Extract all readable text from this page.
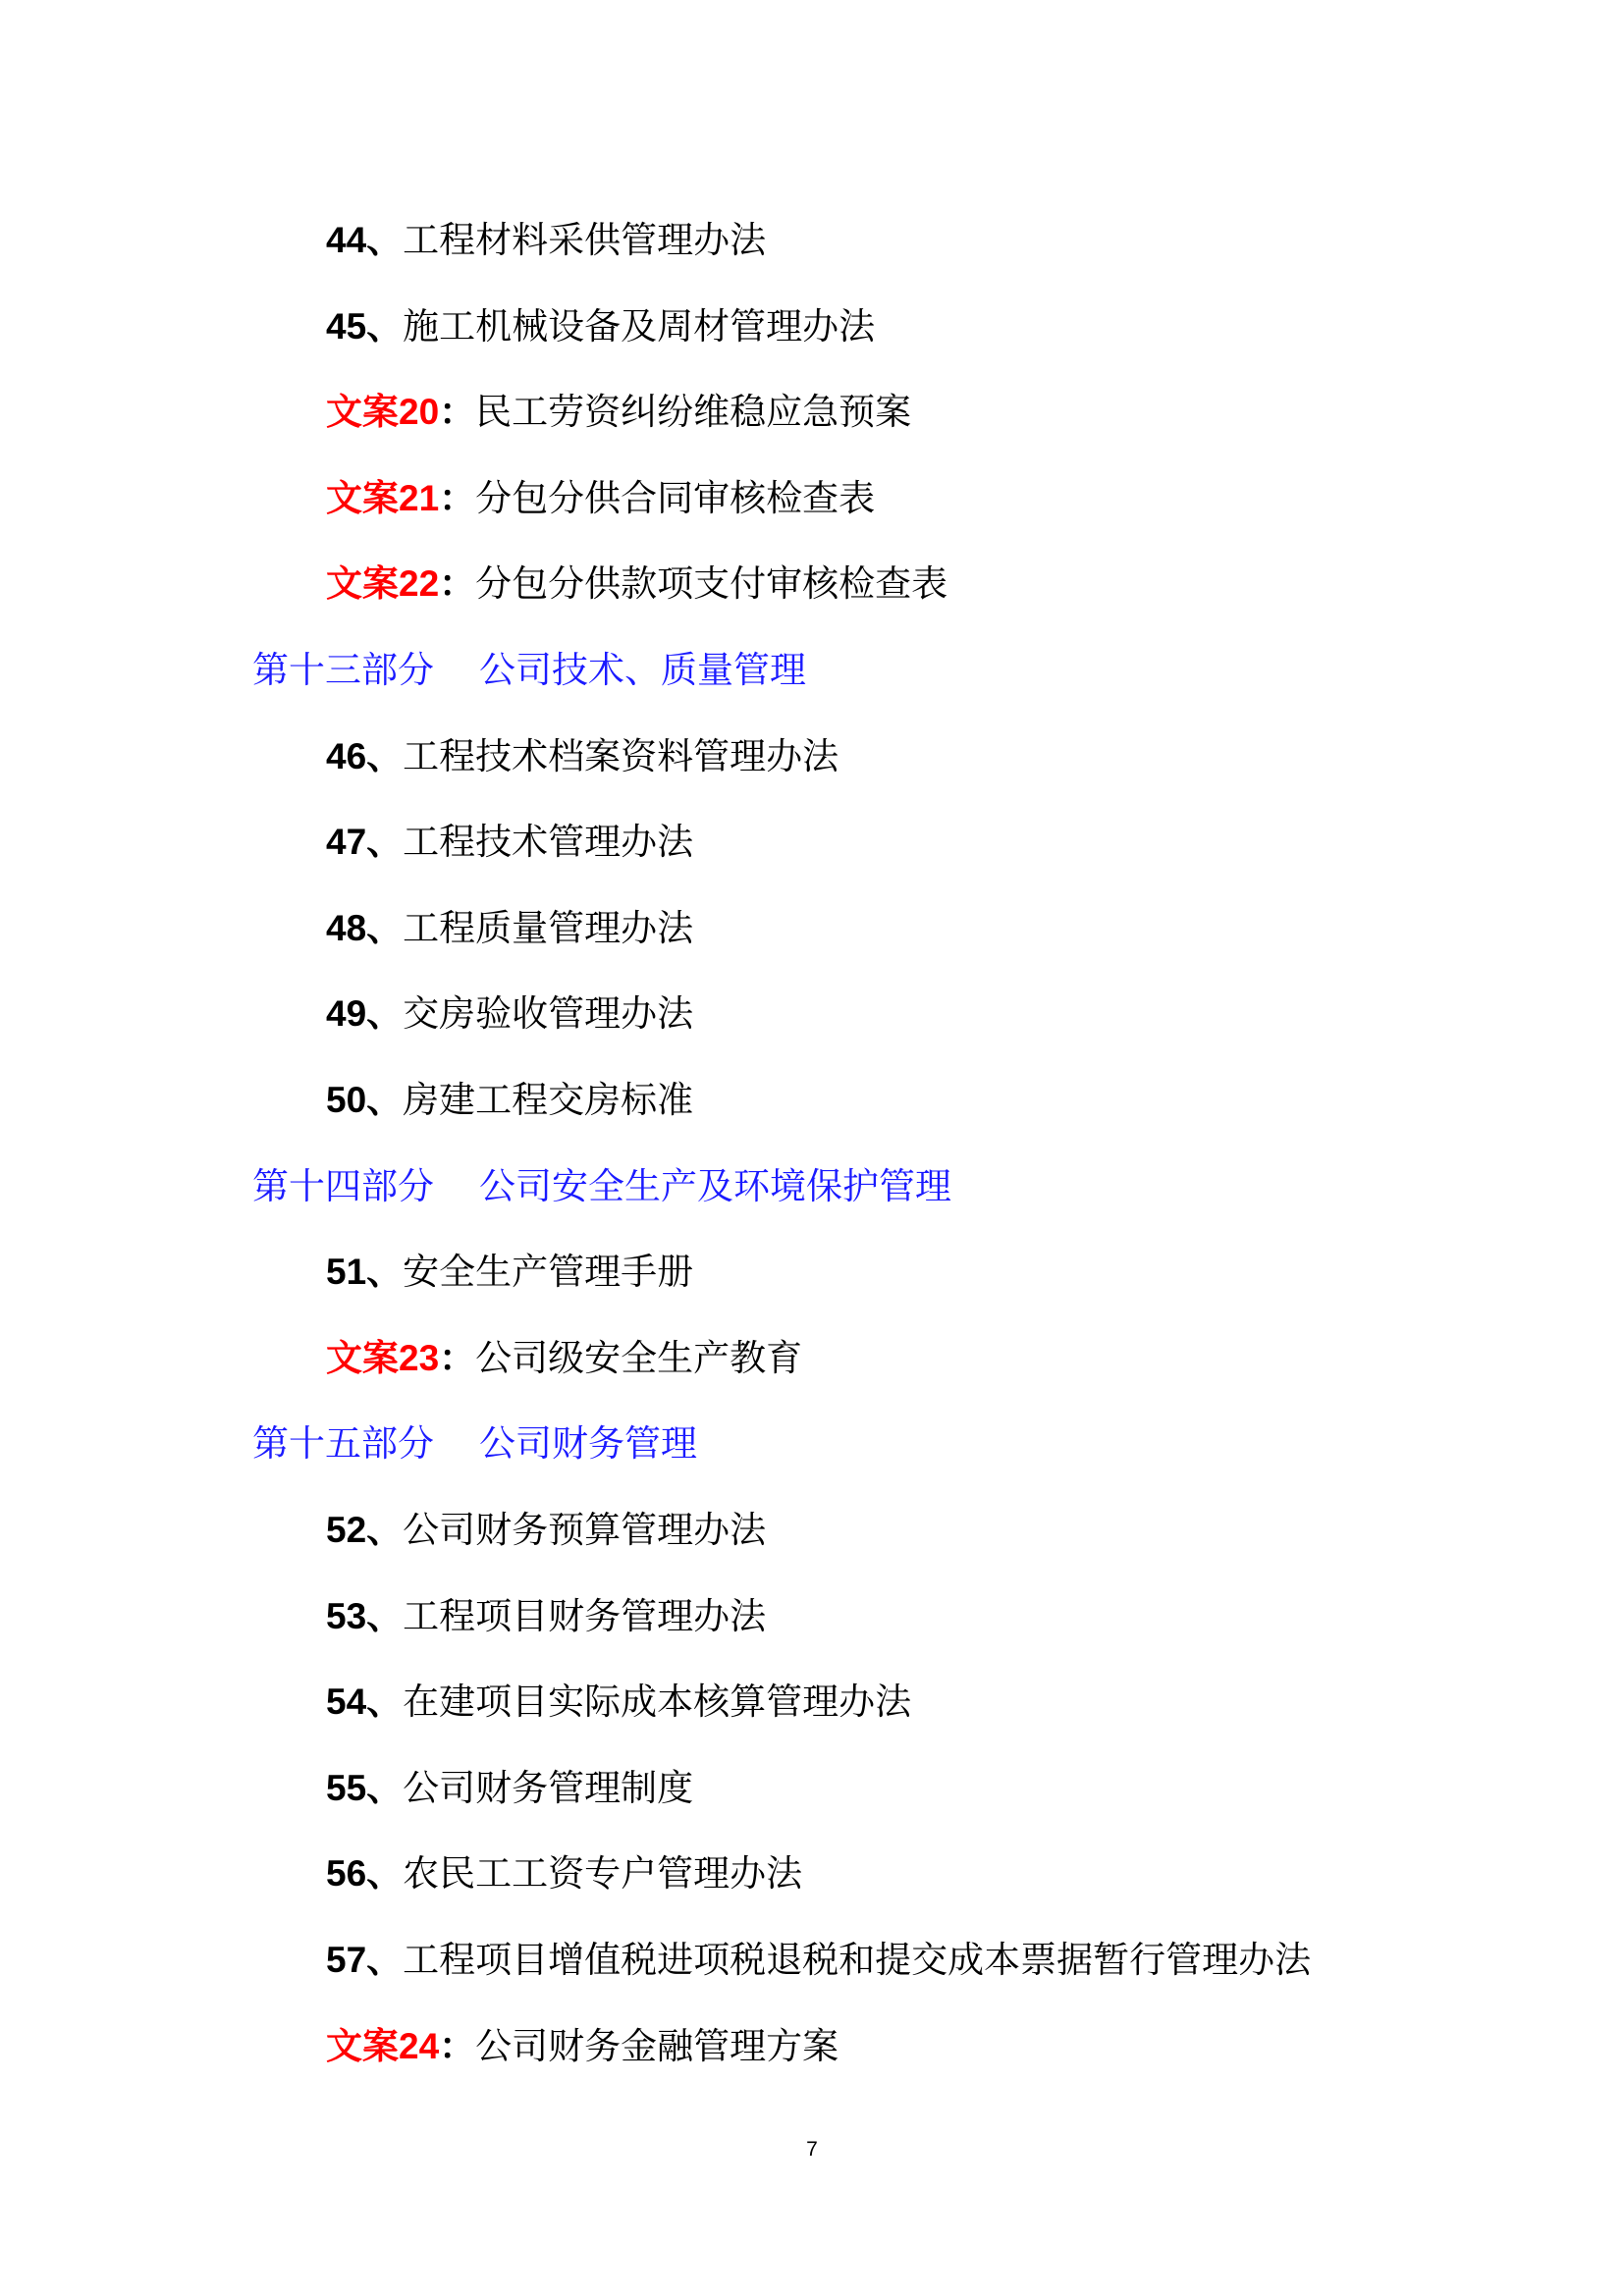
44、工程材料采供管理办法
45、施工机械设备及周材管理办法
文案20：民工劳资纠纷维稳应急预案
文案21：分包分供合同审核检查表
文案22：分包分供款项支付审核检查表
第十三部分 公司技术、质量管理
46、工程技术档案资料管理办法
47、工程技术管理办法
48、工程质量管理办法
49、交房验收管理办法
50、房建工程交房标准
第十四部分 公司安全生产及环境保护管理
51、安全生产管理手册
文案23：公司级安全生产教育
第十五部分 公司财务管理
52、公司财务预算管理办法
53、工程项目财务管理办法
54、在建项目实际成本核算管理办法
55、公司财务管理制度
56、农民工工资专户管理办法
57、工程项目增值税进项税退税和提交成本票据暂行管理办法
文案24：公司财务金融管理方案
7
